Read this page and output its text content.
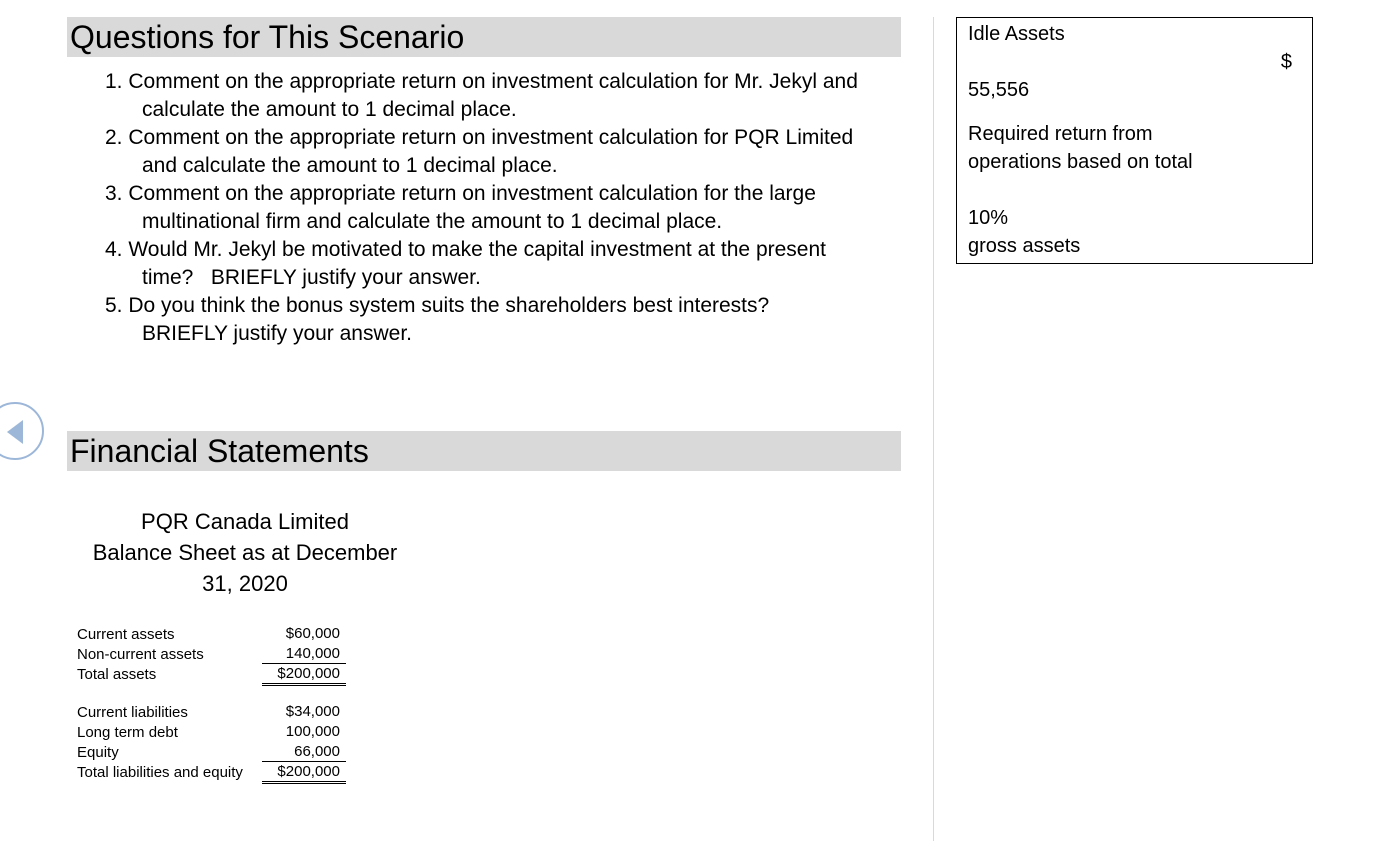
Questions for This Scenario
1. Comment on the appropriate return on investment calculation for Mr. Jekyl and
calculate the amount to 1 decimal place.
2. Comment on the appropriate return on investment calculation for PQR Limited
and calculate the amount to 1 decimal place.
3. Comment on the appropriate return on investment calculation for the large
multinational firm and calculate the amount to 1 decimal place.
4. Would Mr. Jekyl be motivated to make the capital investment at the present
time?   BRIEFLY justify your answer.
5. Do you think the bonus system suits the shareholders best interests?
BRIEFLY justify your answer.
Financial Statements
PQR Canada Limited
Balance Sheet as at December
31, 2020
Current assets	$60,000
Non-current assets	140,000
Total assets	$200,000
Current liabilities	$34,000
Long term debt	100,000
Equity	66,000
Total liabilities and equity	$200,000
Idle Assets
$
55,556
Required return from
operations based on total
10%
gross assets
